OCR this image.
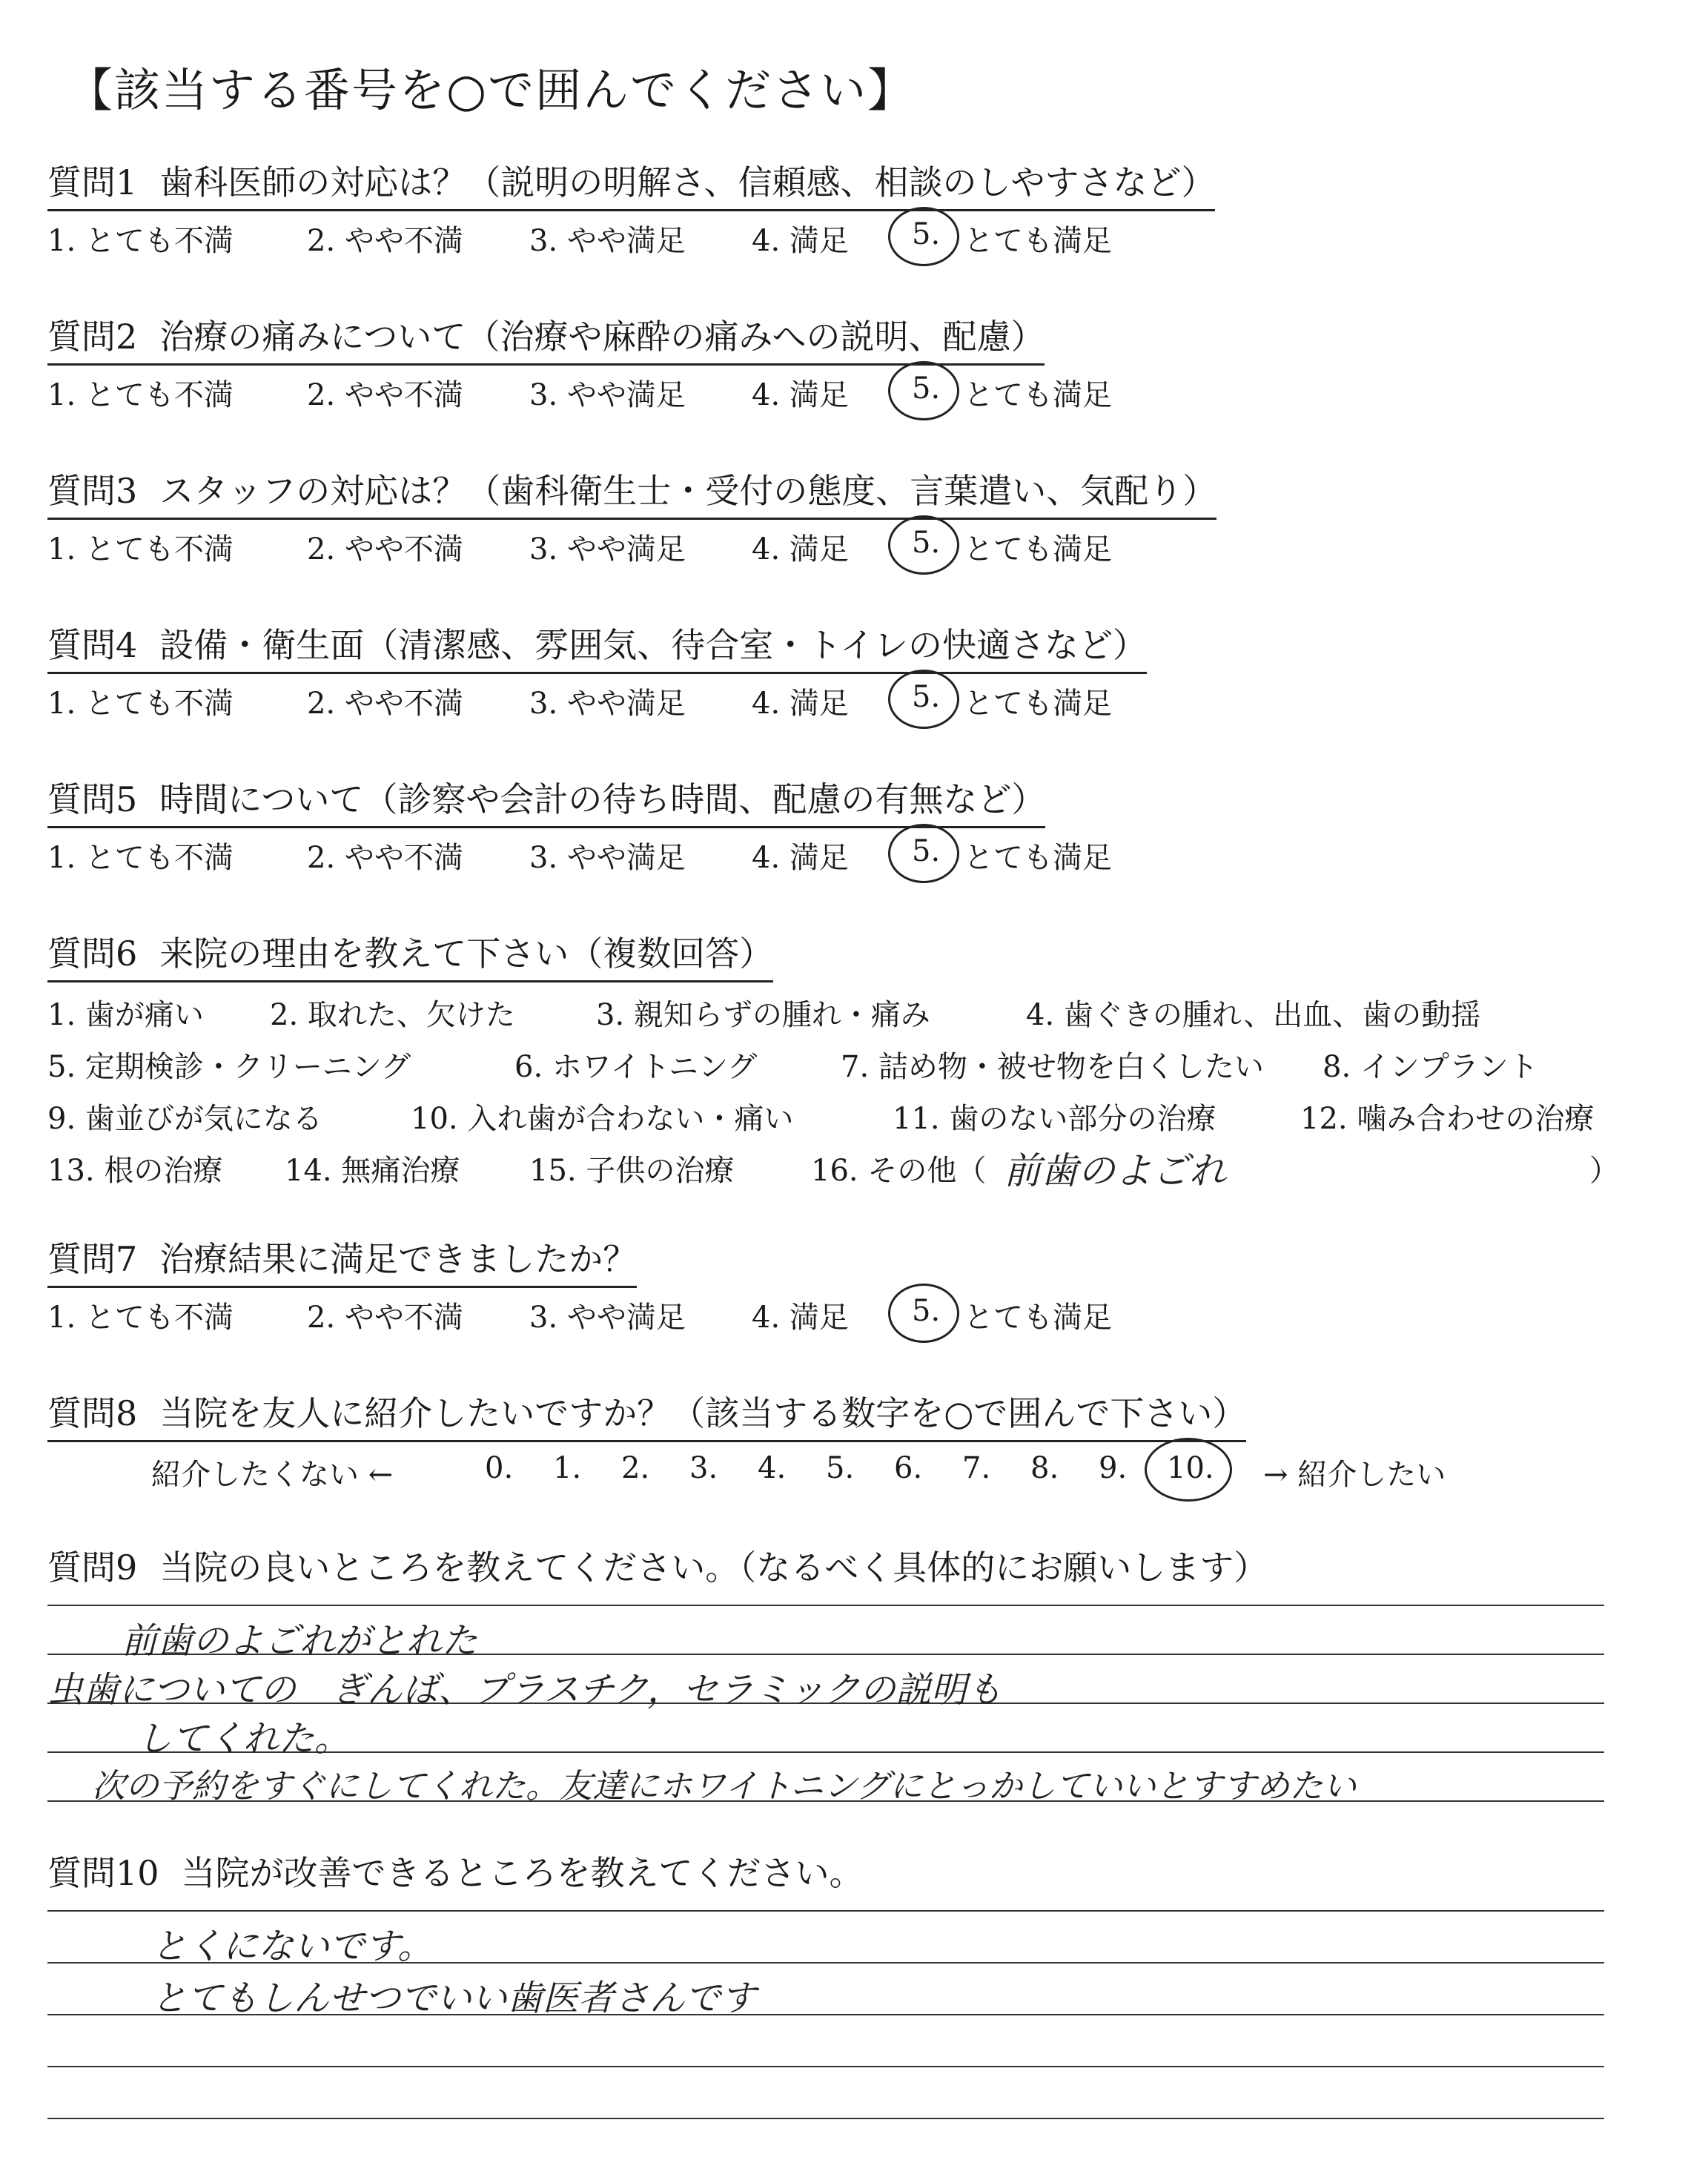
【該当する番号を○で囲んでください】
質問1 歯科医師の対応は？（説明の明解さ、信頼感、相談のしやすさなど）
1. とても不満 2. やや不満 3. やや満足 4. 満足 5. とても満足
質問2 治療の痛みについて（治療や麻酔の痛みへの説明、配慮）
1. とても不満 2. やや不満 3. やや満足 4. 満足 5. とても満足
質問3 スタッフの対応は？（歯科衛生士・受付の態度、言葉遣い、気配り）
1. とても不満 2. やや不満 3. やや満足 4. 満足 5. とても満足
質問4 設備・衛生面（清潔感、雰囲気、待合室・トイレの快適さなど）
1. とても不満 2. やや不満 3. やや満足 4. 満足 5. とても満足
質問5 時間について（診察や会計の待ち時間、配慮の有無など）
1. とても不満 2. やや不満 3. やや満足 4. 満足 5. とても満足
質問6 来院の理由を教えて下さい（複数回答）
1. 歯が痛い 2. 取れた、欠けた	3. 親知らずの腫れ・痛み	4. 歯ぐきの腫れ、出血、歯の動揺
5. 定期検診・クリーニング	6. ホワイトニング	7. 詰め物・被せ物を白くしたい 8. インプラント
9. 歯並びが気になる	10. 入れ歯が合わない・痛い	11. 歯のない部分の治療	12. 噛み合わせの治療
13. 根の治療 14. 無痛治療 15. 子供の治療	16. その他（ 前歯のよごれ	）
質問7 治療結果に満足できましたか？
1. とても不満 2. やや不満 3. やや満足 4. 満足 5. とても満足
質問8 当院を友人に紹介したいですか？（該当する数字を○で囲んで下さい）
紹介したくない ←	0. 1. 2. 3. 4. 5. 6. 7. 8. 9. 10. → 紹介したい
質問9 当院の良いところを教えてください。（なるべく具体的にお願いします）
前歯のよごれがとれた
虫歯についての　ぎんば、プラスチク，セラミックの説明も
してくれた。
次の予約をすぐにしてくれた。友達にホワイトニングにとっかしていいとすすめたい
質問10 当院が改善できるところを教えてください。
とくにないです。
とてもしんせつでいい歯医者さんです
